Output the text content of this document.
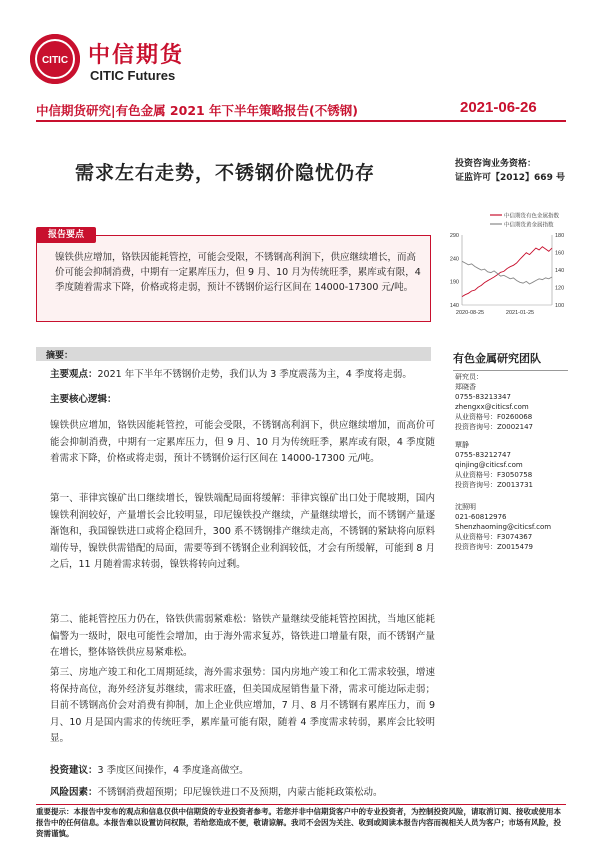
CITIC 中信期货
CITIC Futures
中信期货研究|有色金属 2021 年下半年策略报告(不锈钢)	2021-06-26
需求左右走势，不锈钢价隐忧仍存	投资咨询业务资格：
证监许可【2012】669 号
报告要点
镍铁供应增加，铬铁因能耗管控，可能会受限，不锈钢高利润下，供应继续增长，而高价可能会抑制消费，中期有一定累库压力，但 9 月、10 月为传统旺季，累库或有限，4 季度随着需求下降，价格或将走弱，预计不锈钢价运行区间在 14000-17300 元/吨。
中信期货有色金属指数
中信期货黄金属指数
140
190
240
290
100
120
140
160
180
2020-08-25	2021-01-25
摘要：
主要观点：2021 年下半年不锈钢价走势，我们认为 3 季度震荡为主，4 季度将走弱。
主要核心逻辑：
镍铁供应增加，铬铁因能耗管控，可能会受限，不锈钢高利润下，供应继续增加，而高价可能会抑制消费，中期有一定累库压力，但 9 月、10 月为传统旺季，累库或有限，4 季度随着需求下降，价格或将走弱，预计不锈钢价运行区间在 14000-17300 元/吨。
第一、菲律宾镍矿出口继续增长，镍铁端配局面将缓解：菲律宾镍矿出口处于爬坡期，国内镍铁利润较好，产量增长会比较明显，印尼镍铁投产继续，产量继续增长，而不锈钢产量逐渐饱和，我国镍铁进口或将企稳回升，300 系不锈钢排产继续走高，不锈钢的紧缺将向原料端传导，镍铁供需错配的局面，需要等到不锈钢企业利润较低，才会有所缓解，可能到 8 月之后，11 月随着需求转弱，镍铁将转向过剩。
第二、能耗管控压力仍在，铬铁供需弱紧难松：铬铁产量继续受能耗管控困扰，当地区能耗偏警为一级时，限电可能性会增加，由于海外需求复苏，铬铁进口增量有限，而不锈钢产量在增长，整体铬铁供应易紧难松。
第三、房地产竣工和化工周期延续，海外需求强势：国内房地产竣工和化工需求较强，增速将保持高位，海外经济复苏继续，需求旺盛，但美国成屋销售量下滑，需求可能边际走弱；目前不锈钢高价会对消费有抑制，加上企业供应增加，7 月、8 月不锈钢有累库压力，而 9 月、10 月是国内需求的传统旺季，累库量可能有限，随着 4 季度需求转弱，累库会比较明显。
投资建议：3 季度区间操作，4 季度逢高做空。
风险因素：不锈钢消费超预期；印尼镍铁进口不及预期，内蒙古能耗政策松动。
有色金属研究团队
研究员：
郑晓香
0755-83213347
zhengxx@citicsf.com
从业资格号：F0260068
投资咨询号：Z0002147
覃静
0755-83212747
qinjing@citicsf.com
从业资格号：F3050758
投资咨询号：Z0013731
沈照明
021-60812976
Shenzhaoming@citicsf.com
从业资格号：F3074367
投资咨询号：Z0015479
重要提示：本报告中发布的观点和信息仅供中信期货的专业投资者参考。若您并非中信期货客户中的专业投资者，为控制投资风险，请取消订阅、接收或使用本报告中的任何信息。本报告难以设置访问权限，若给您造成不便，敬请谅解。我司不会因为关注、收到或阅读本报告内容而视相关人员为客户；市场有风险，投资需谨慎。
